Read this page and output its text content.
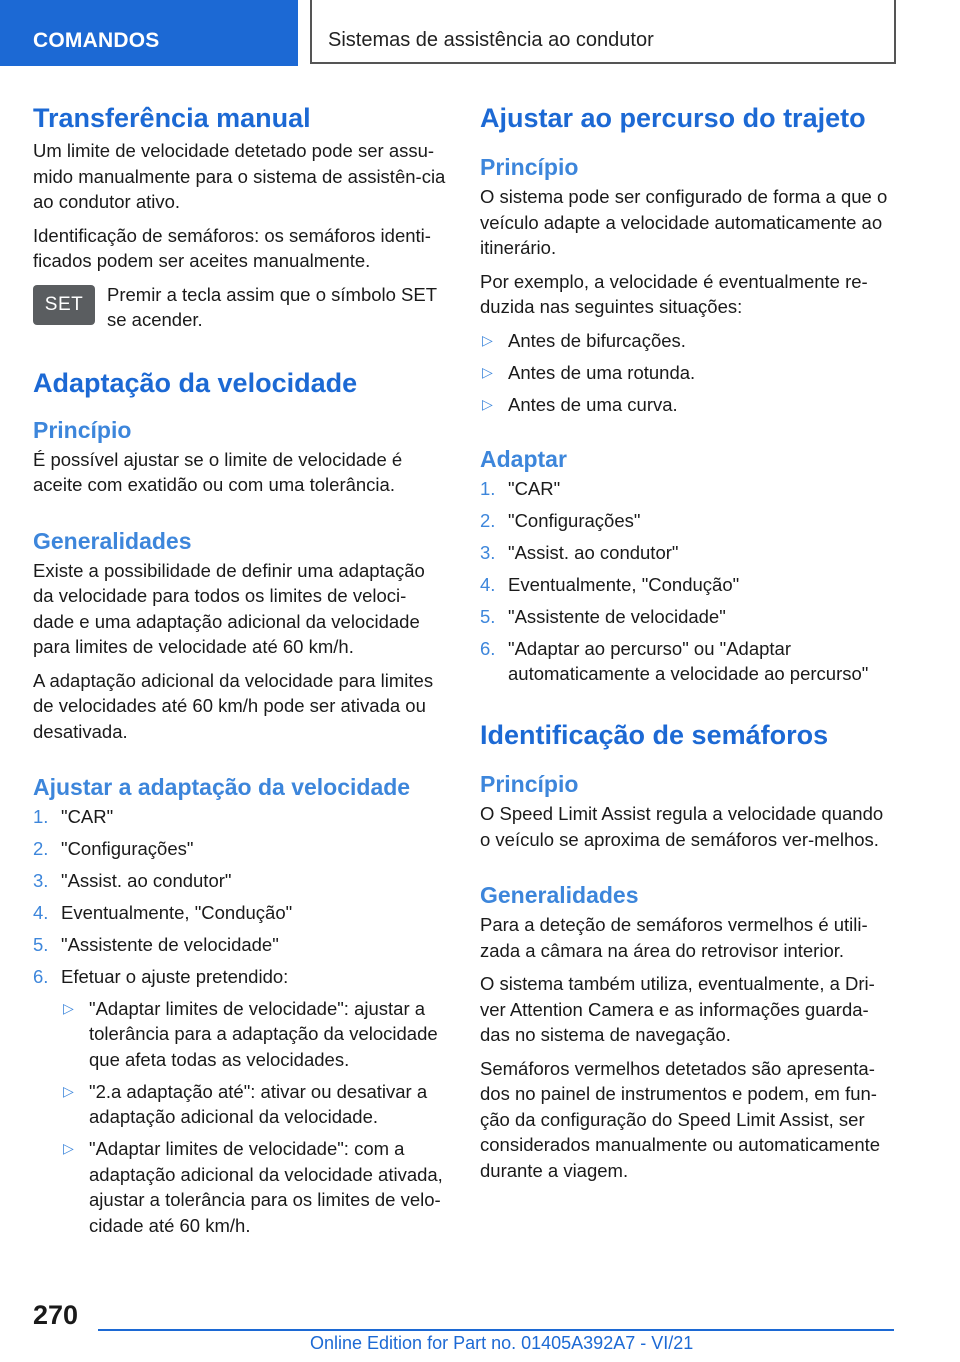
COMANDOS	Sistemas de assistência ao condutor
Transferência manual

Um limite de velocidade detetado pode ser assu-mido manualmente para o sistema de assistên-cia ao condutor ativo.

Identificação de semáforos: os semáforos identi-ficados podem ser aceites manualmente.

SET	Premir a tecla assim que o símbolo SET se acender.

Adaptação da velocidade
Princípio

É possível ajustar se o limite de velocidade é aceite com exatidão ou com uma tolerância.

Generalidades

Existe a possibilidade de definir uma adaptação da velocidade para todos os limites de veloci-dade e uma adaptação adicional da velocidade para limites de velocidade até 60 km/h.

A adaptação adicional da velocidade para limites de velocidades até 60 km/h pode ser ativada ou desativada.

Ajustar a adaptação da velocidade
1. "CAR"
2. "Configurações"
3. "Assist. ao condutor"
4. Eventualmente, "Condução"
5. "Assistente de velocidade"
6. Efetuar o ajuste pretendido:
▷ "Adaptar limites de velocidade": ajustar a tolerância para a adaptação da velocidade que afeta todas as velocidades.
▷ "2.a adaptação até": ativar ou desativar a adaptação adicional da velocidade.
▷ "Adaptar limites de velocidade": com a adaptação adicional da velocidade ativada, ajustar a tolerância para os limites de velo-cidade até 60 km/h.
Ajustar ao percurso do trajeto
Princípio

O sistema pode ser configurado de forma a que o veículo adapte a velocidade automaticamente ao itinerário.

Por exemplo, a velocidade é eventualmente re-duzida nas seguintes situações:

▷ Antes de bifurcações.
▷ Antes de uma rotunda.
▷ Antes de uma curva.
Adaptar
1. "CAR"
2. "Configurações"
3. "Assist. ao condutor"
4. Eventualmente, "Condução"
5. "Assistente de velocidade"
6. "Adaptar ao percurso" ou "Adaptar automaticamente a velocidade ao percurso"
Identificação de semáforos
Princípio

O Speed Limit Assist regula a velocidade quando o veículo se aproxima de semáforos ver-melhos.

Generalidades

Para a deteção de semáforos vermelhos é utili-zada a câmara na área do retrovisor interior.

O sistema também utiliza, eventualmente, a Dri-ver Attention Camera e as informações guarda-das no sistema de navegação.

Semáforos vermelhos detetados são apresenta-dos no painel de instrumentos e podem, em fun-ção da configuração do Speed Limit Assist, ser considerados manualmente ou automaticamente durante a viagem.

270
Online Edition for Part no. 01405A392A7 - VI/21
